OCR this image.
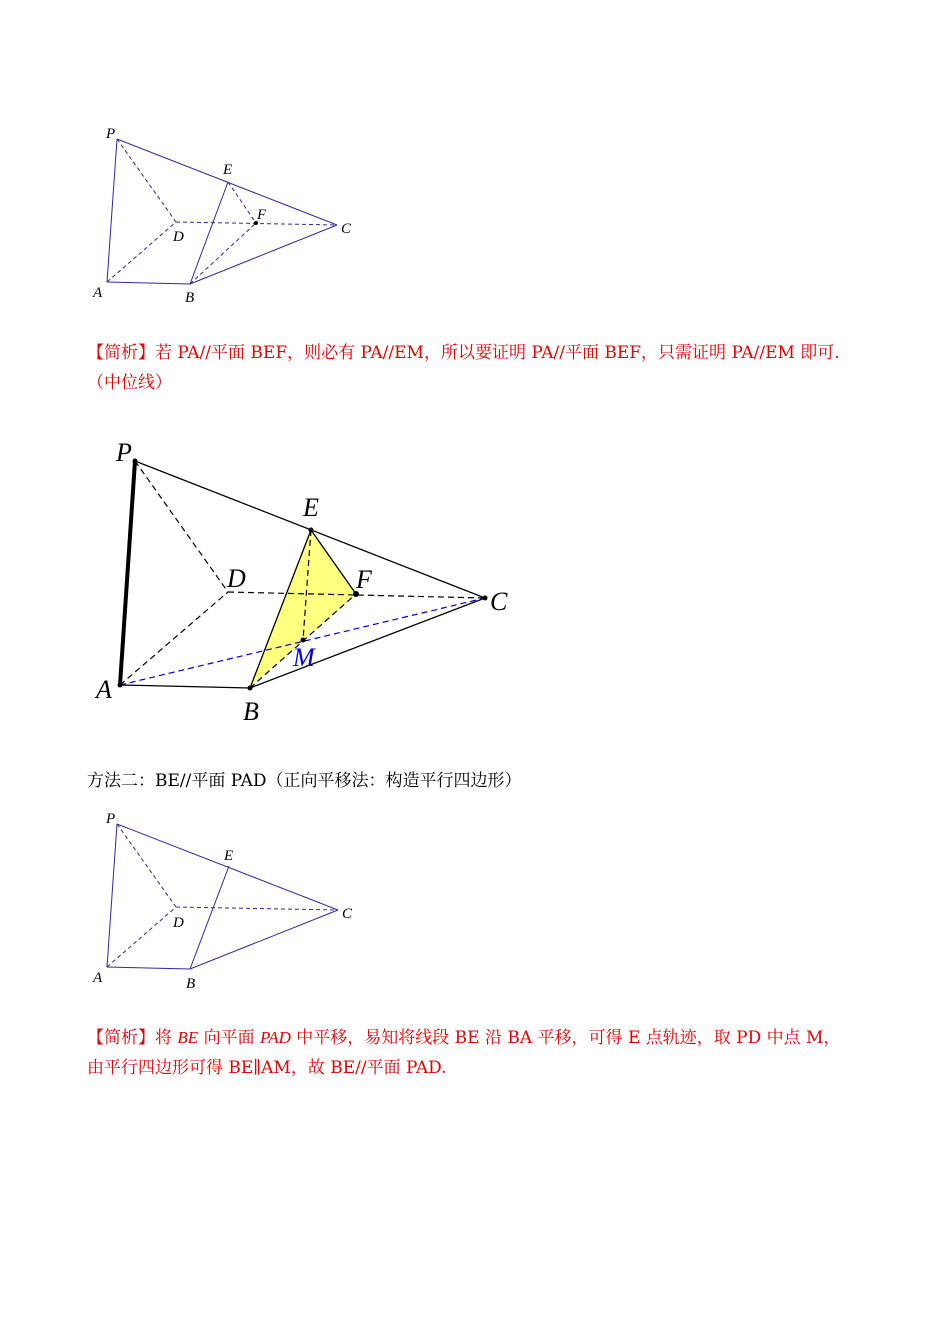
P
E
F
C
D
A	B
【简析】若 PA//平面 BEF，则必有 PA//EM，所以要证明 PA//平面 BEF，只需证明 PA//EM 即可.（中位线）
P
E
D	F
C
M
A
B
方法二：BE//平面 PAD（正向平移法：构造平行四边形）
P
E
D
C
A	B
【简析】将 BE 向平面 PAD 中平移，易知将线段 BE 沿 BA 平移，可得 E 点轨迹，取 PD 中点 M，由平行四边形可得 BE∥AM，故 BE//平面 PAD.
